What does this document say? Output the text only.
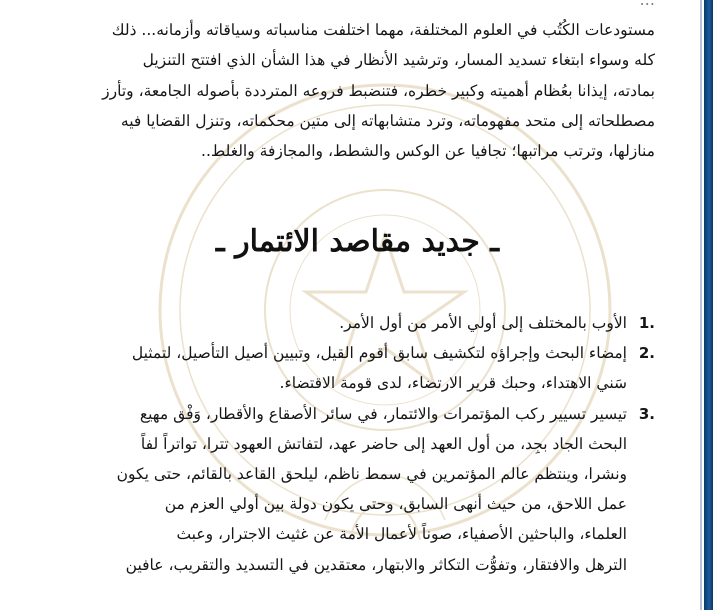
…
مستودعات الكُتُب في العلوم المختلفة، مهما اختلفت مناسباته وسياقاته وأزمانه... ذلك
كله وسواء ابتغاء تسديد المسار، وترشيد الأنظار في هذا الشأن الذي افتتح التنزيل
بمادته، إيذانا بعُظام أهميته وكبير خطره، فتنضبط فروعه المترددة بأصوله الجامعة، وتأرز
مصطلحاته إلى متحد مفهوماته، وترد متشابهاته إلى متين محكماته، وتنزل القضايا فيه
منازلها، وترتب مراتبها؛ تجافيا عن الوكس والشطط، والمجازفة والغلط..
ـ جديد مقاصد الائتمار ـ
.1
الأوب بالمختلف إلى أولي الأمر من أول الأمر.
.2
إمضاء البحث وإجراؤه لتكشيف سابق أقوم القيل، وتبيين أصيل التأصيل، لتمثيل
سَني الاهتداء، وحبك قرير الارتضاء، لدى قومة الاقتضاء.
.3
تيسير تسيير ركب المؤتمرات والائتمار، في سائر الأصقاع والأقطار، وَفْق مهيع
البحث الجاد بجِد، من أول العهد إلى حاضر عهد، لتفاتش العهود تترا، تواتراً لفاً
ونشرا، وينتظم عالم المؤتمرين في سمط ناظم، ليلحق القاعد بالقائم، حتى يكون
عمل اللاحق، من حيث أنهى السابق، وحتى يكون دولة بين أولي العزم من
العلماء، والباحثين الأصفياء، صوناً لأعمال الأمة عن غثيث الاجترار، وعبث
الترهل والافتقار، وتفوُّت التكاثر والابتهار، معتقدين في التسديد والتقريب، عافين
